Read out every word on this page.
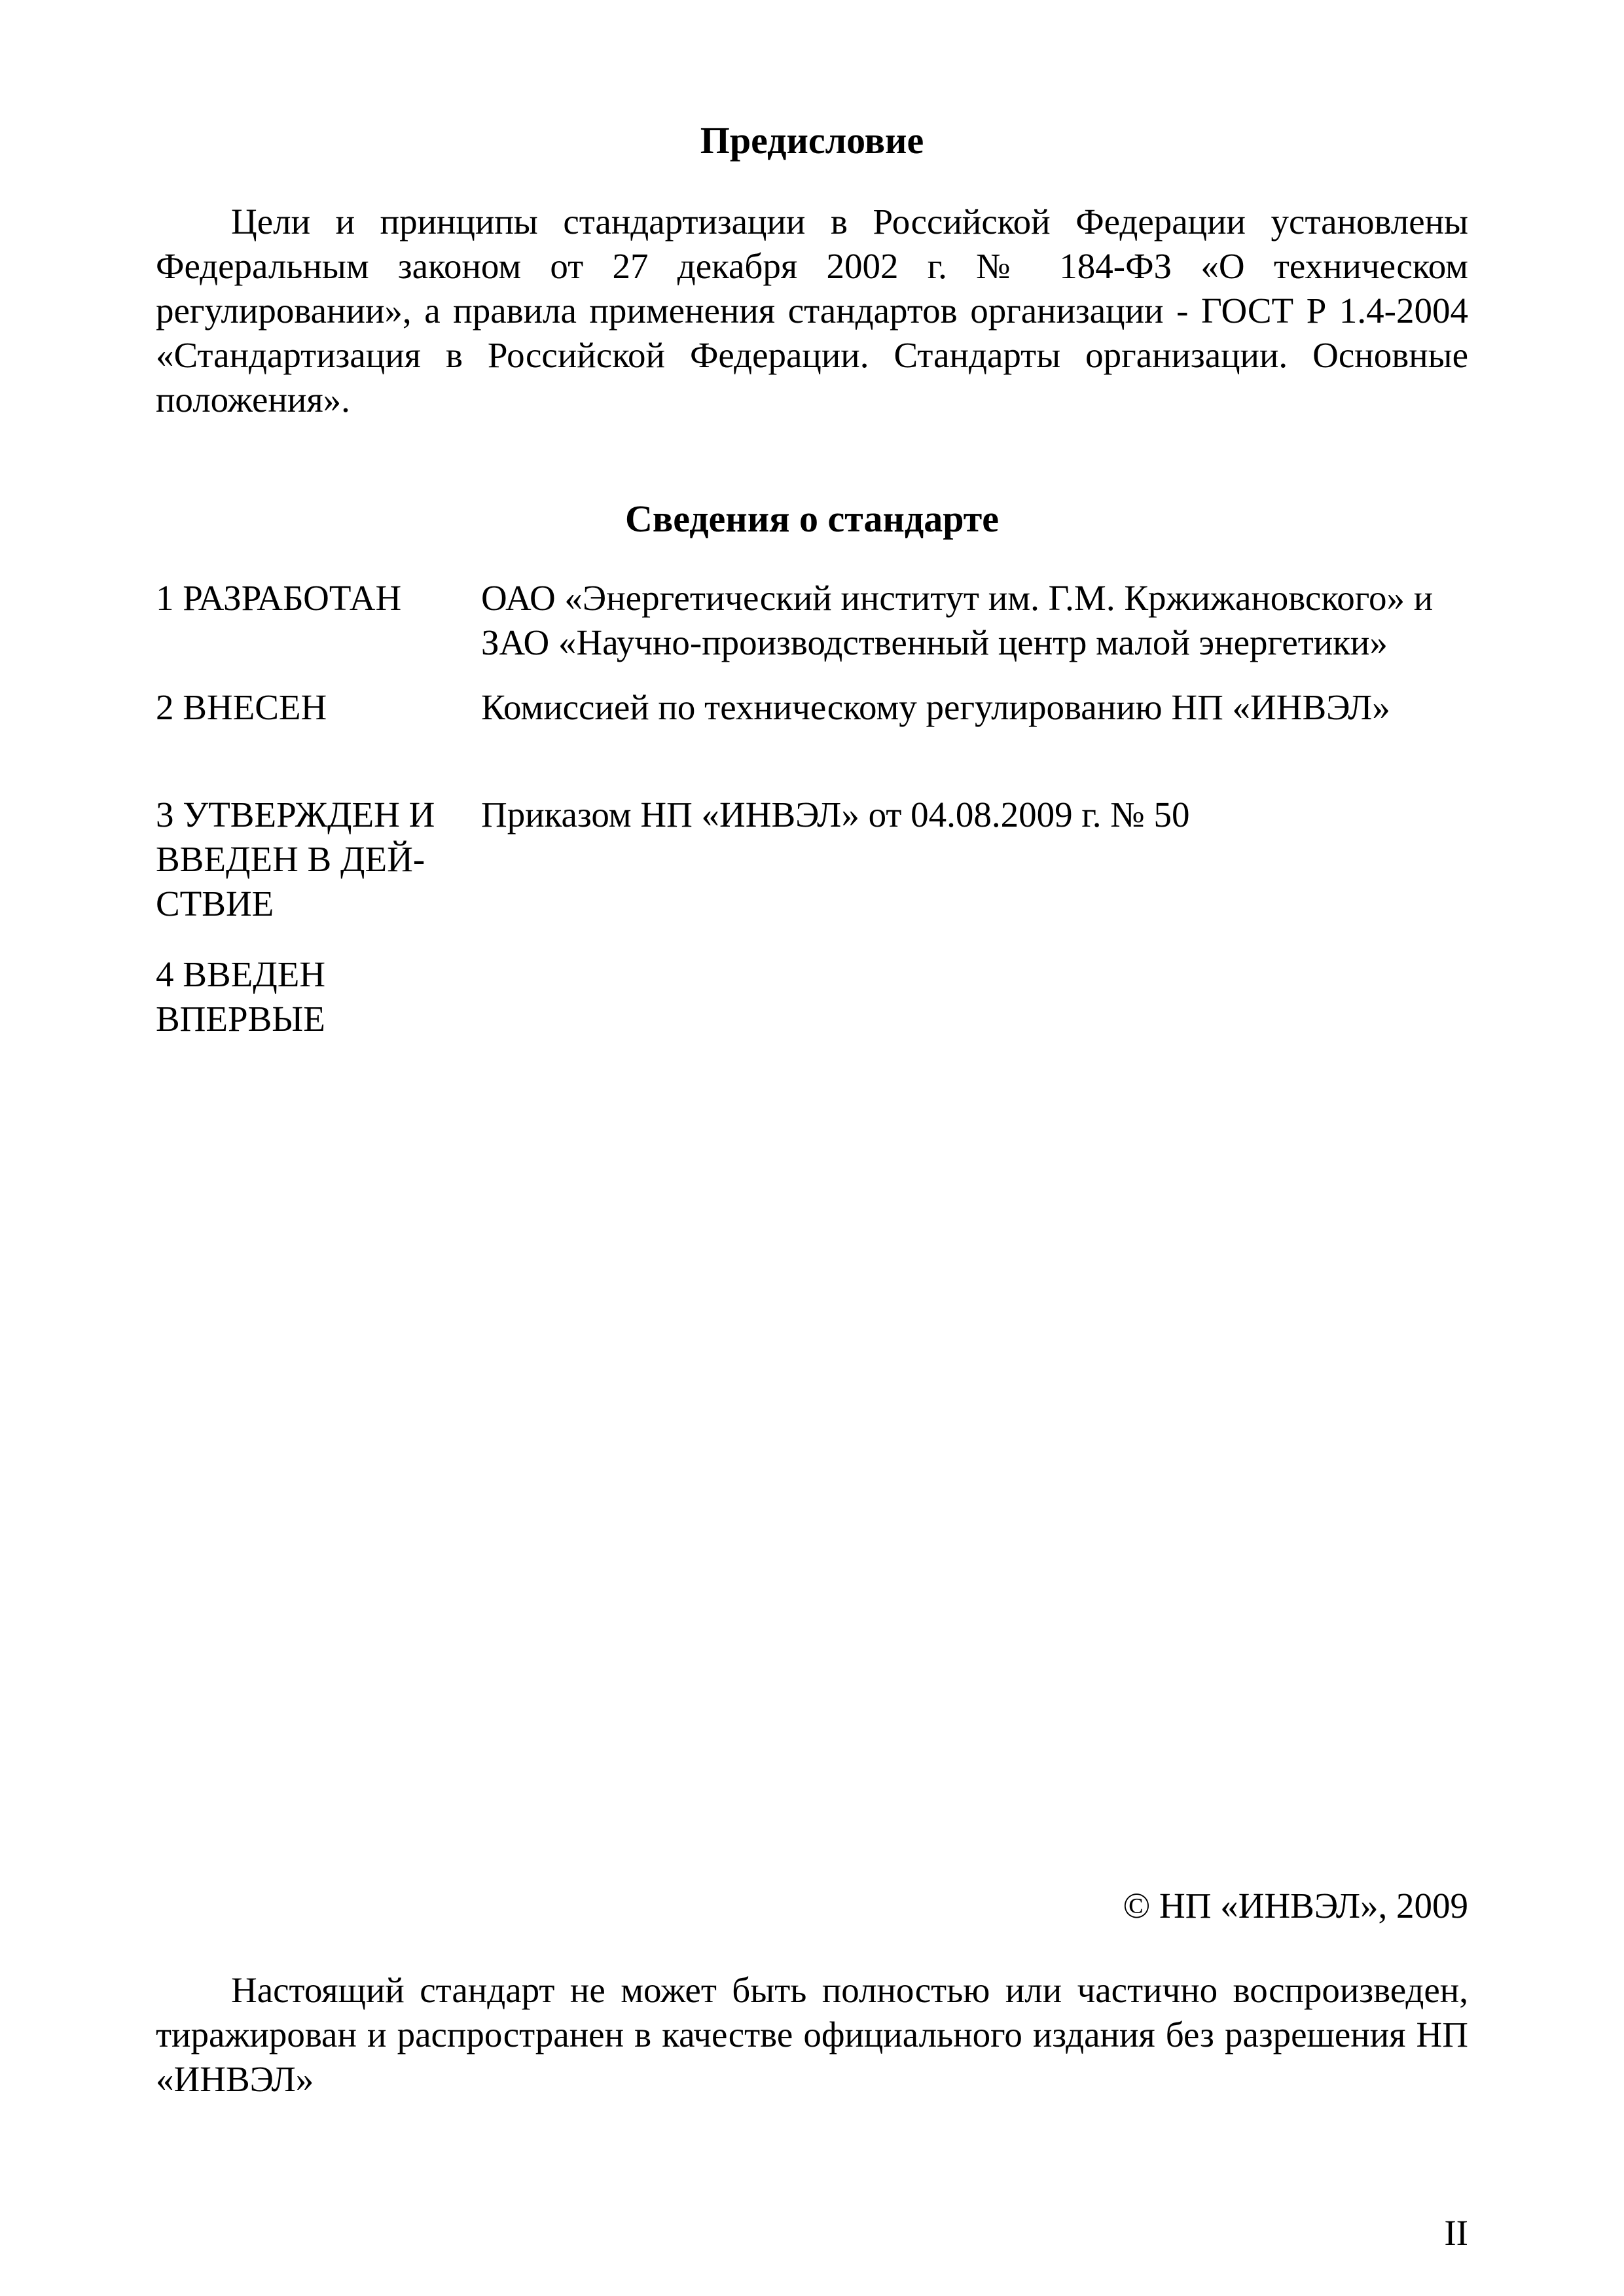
Предисловие

Цели и принципы стандартизации в Российской Федерации установлены Федеральным законом от 27 декабря 2002 г. № 184-ФЗ «О техническом регулировании», а правила применения стандартов организации - ГОСТ Р 1.4-2004 «Стандартизация в Российской Федерации. Стандарты организации. Основные положения».

Сведения о стандарте
1 РАЗРАБОТАН	ОАО «Энергетический институт им. Г.М. Кржижановского» и
ЗАО «Научно-производственный центр малой энергетики»
2 ВНЕСЕН	Комиссией по техническому регулированию НП «ИНВЭЛ»
3 УТВЕРЖДЕН И
ВВЕДЕН В ДЕЙ-
СТВИЕ
Приказом НП «ИНВЭЛ» от 04.08.2009 г. № 50
4 ВВЕДЕН
ВПЕРВЫЕ
© НП «ИНВЭЛ», 2009

Настоящий стандарт не может быть полностью или частично воспроизведен, тиражирован и распространен в качестве официального издания без разрешения НП «ИНВЭЛ»

II
